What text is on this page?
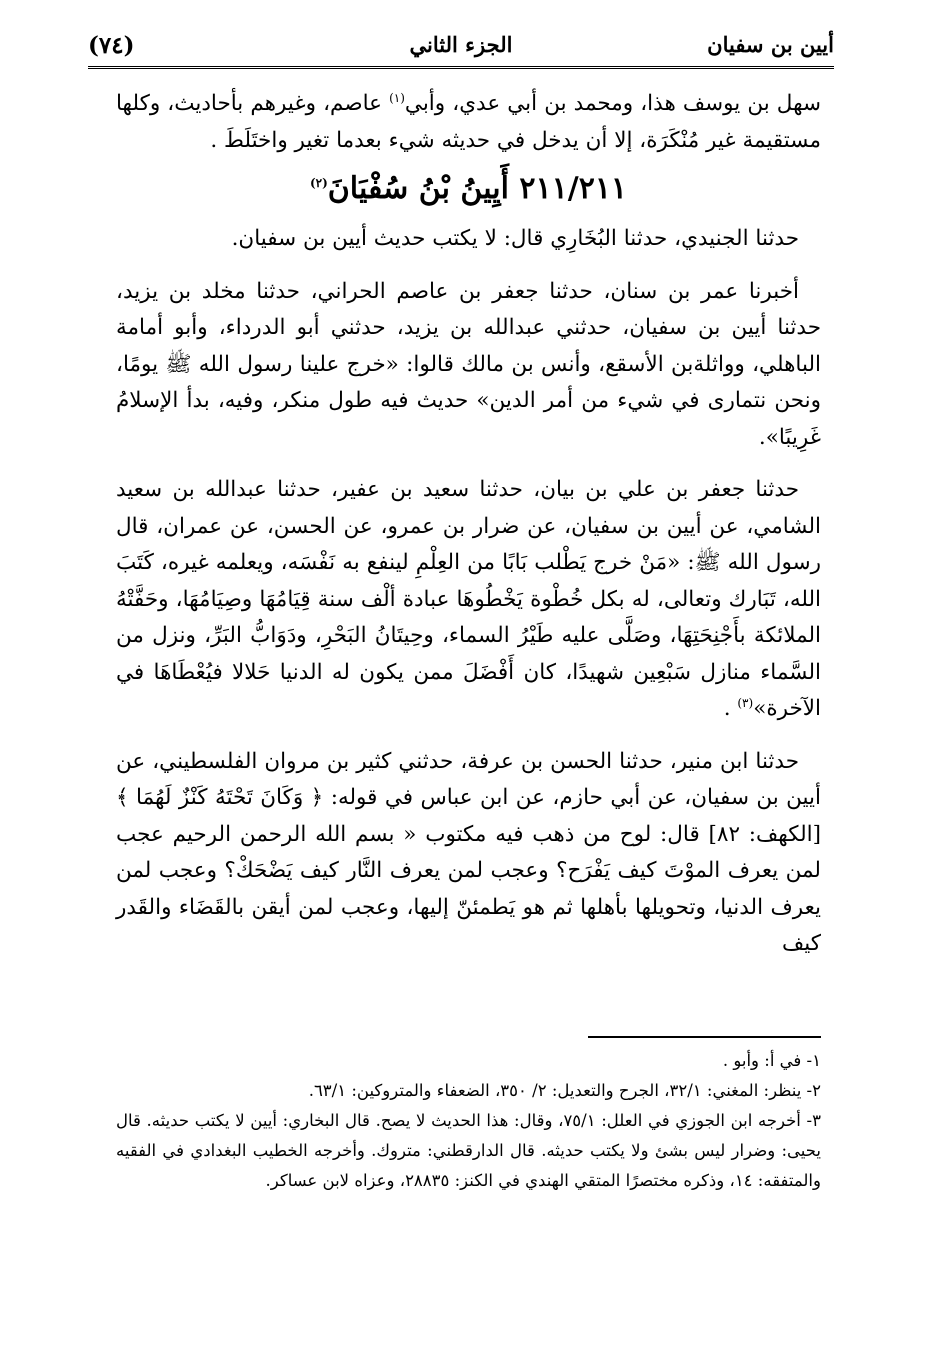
(٧٤)	الجزء الثاني	أيين بن سفيان

سهل بن يوسف هذا، ومحمد بن أبي عدي، وأبي$^{(١)}$ عاصم، وغيرهم بأحاديث، وكلها مستقيمة غير مُنْكَرَة، إلا أن يدخل في حديثه شيء بعدما تغير واختَلَطَ .

٢١١/٢١١ أَيِينُ بْنُ سُفْيَانَ$^{(٢)}$

حدثنا الجنيدي، حدثنا البُخَارِي قال: لا يكتب حديث أيين بن سفيان.

أخبرنا عمر بن سنان، حدثنا جعفر بن عاصم الحراني، حدثنا مخلد بن يزيد، حدثنا أيين بن سفيان، حدثني عبدالله بن يزيد، حدثني أبو الدرداء، وأبو أمامة الباهلي، وواثلةبن الأسقع، وأنس بن مالك قالوا: «خرج علينا رسول الله ﷺ يومًا، ونحن نتمارى في شيء من أمر الدين» حديث فيه طول منكر، وفيه، بدأ الإسلامُ غَرِيبًا».

حدثنا جعفر بن علي بن بيان، حدثنا سعيد بن عفير، حدثنا عبدالله بن سعيد الشامي، عن أيين بن سفيان، عن ضرار بن عمرو، عن الحسن، عن عمران، قال رسول الله ﷺ: «مَنْ خرج يَطْلب بَابًا من العِلْمِ لينفع به نَفْسَه، ويعلمه غيره، كَتَبَ الله، تَبَارك وتعالى، له بكل خُطْوة يَخْطُوهَا عبادة ألْف سنة قِيَامُهَا وصِيَامُهَا، وحَفَّتْهُ الملائكة بأَجْنِحَتِهَا، وصَلَّى عليه طَيْرُ السماء، وحِيتَانُ البَحْرِ، ودَوَابُّ البَرِّ، ونزل من السَّماء منازل سَبْعِين شهيدًا، كان أَفْضَلَ ممن يكون له الدنيا حَلالا فيُعْطَاهَا في الآخرة»$^{(٣)}$ .

حدثنا ابن منير، حدثنا الحسن بن عرفة، حدثني كثير بن مروان الفلسطيني، عن أيين بن سفيان، عن أبي حازم، عن ابن عباس في قوله: ﴿ وَكَانَ تَحْتَهُ كَنْزٌ لَهُمَا ﴾ [الكهف: ٨٢] قال: لوح من ذهب فيه مكتوب « بسم الله الرحمن الرحيم عجب لمن يعرف الموْتَ كيف يَفْرَح؟ وعجب لمن يعرف النَّار كيف يَضْحَكْ؟ وعجب لمن يعرف الدنيا، وتحويلها بأهلها ثم هو يَطمئنّ إليها، وعجب لمن أيقن بالقَضَاء والقَدر كيف

١- في أ: وأبو .

٢- ينظر: المغني: ٣٢/١، الجرح والتعديل: ٢/ ٣٥٠، الضعفاء والمتروكين: ٦٣/١.

٣- أخرجه ابن الجوزي في العلل: ٧٥/١، وقال: هذا الحديث لا يصح. قال البخاري: أيين لا يكتب حديثه. قال يحيى: وضرار ليس بشئ ولا يكتب حديثه. قال الدارقطني: متروك. وأخرجه الخطيب البغدادي في الفقيه والمتفقه: ١٤، وذكره مختصرًا المتقي الهندي في الكنز: ٢٨٨٣٥، وعزاه لابن عساكر.
